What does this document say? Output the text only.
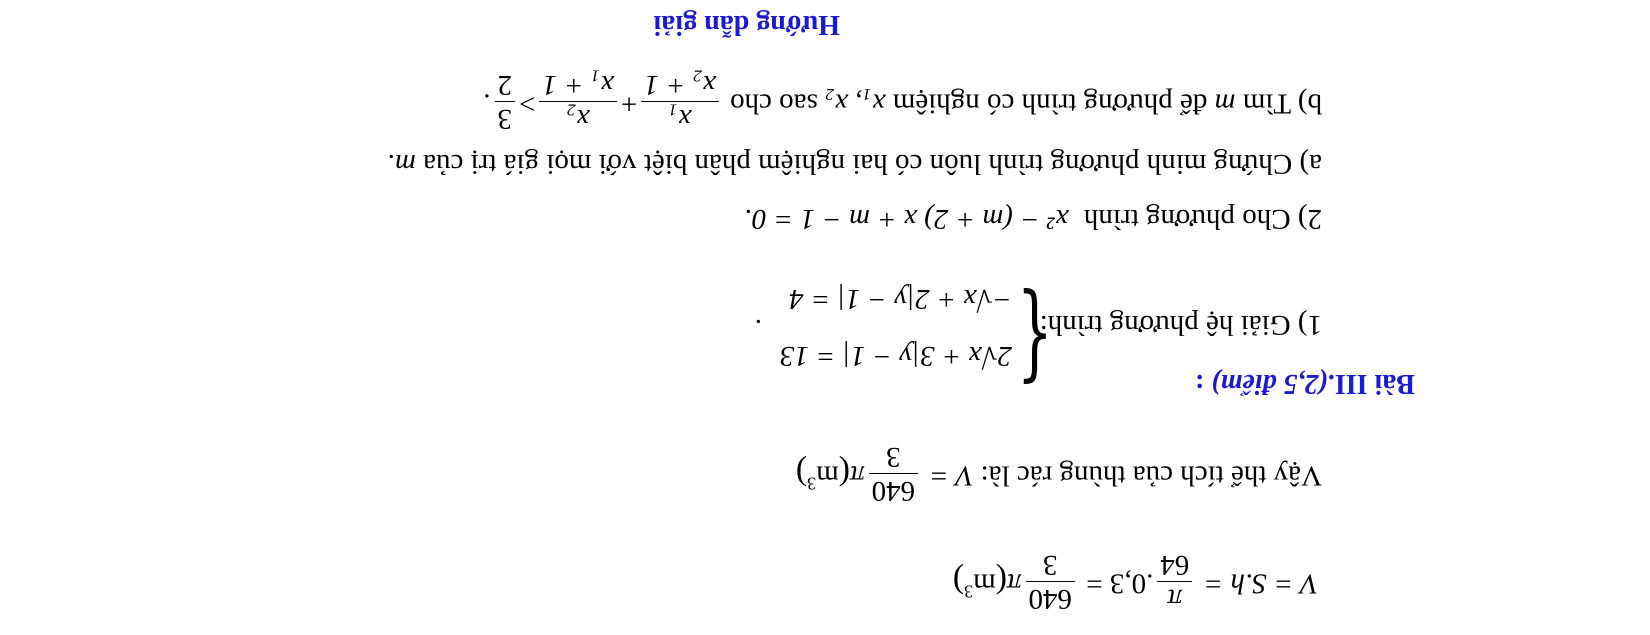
V = S.h =
π
64
.0,3 =
640
3
$\pi(m^3)$
Vậy thể tích của thùng rác là: V =
640
3
$\pi(m^3)$
Bài III.(2,5 điểm) :
1) Giải hệ phương trình:
{
2√x + 3|y − 1| = 13
−√x + 2|y − 1| = 4
.
2) Cho phương trình x² − (m + 2) x + m − 1 = 0.
a) Chứng minh phương trình luôn có hai nghiệm phân biệt với mọi giá trị của m.
b) Tìm m để phương trình có nghiệm x₁, x₂ sao cho
x₁
x₂ + 1
+
x₂
x₁ + 1
>
3
2
.
Hướng dẫn giải
